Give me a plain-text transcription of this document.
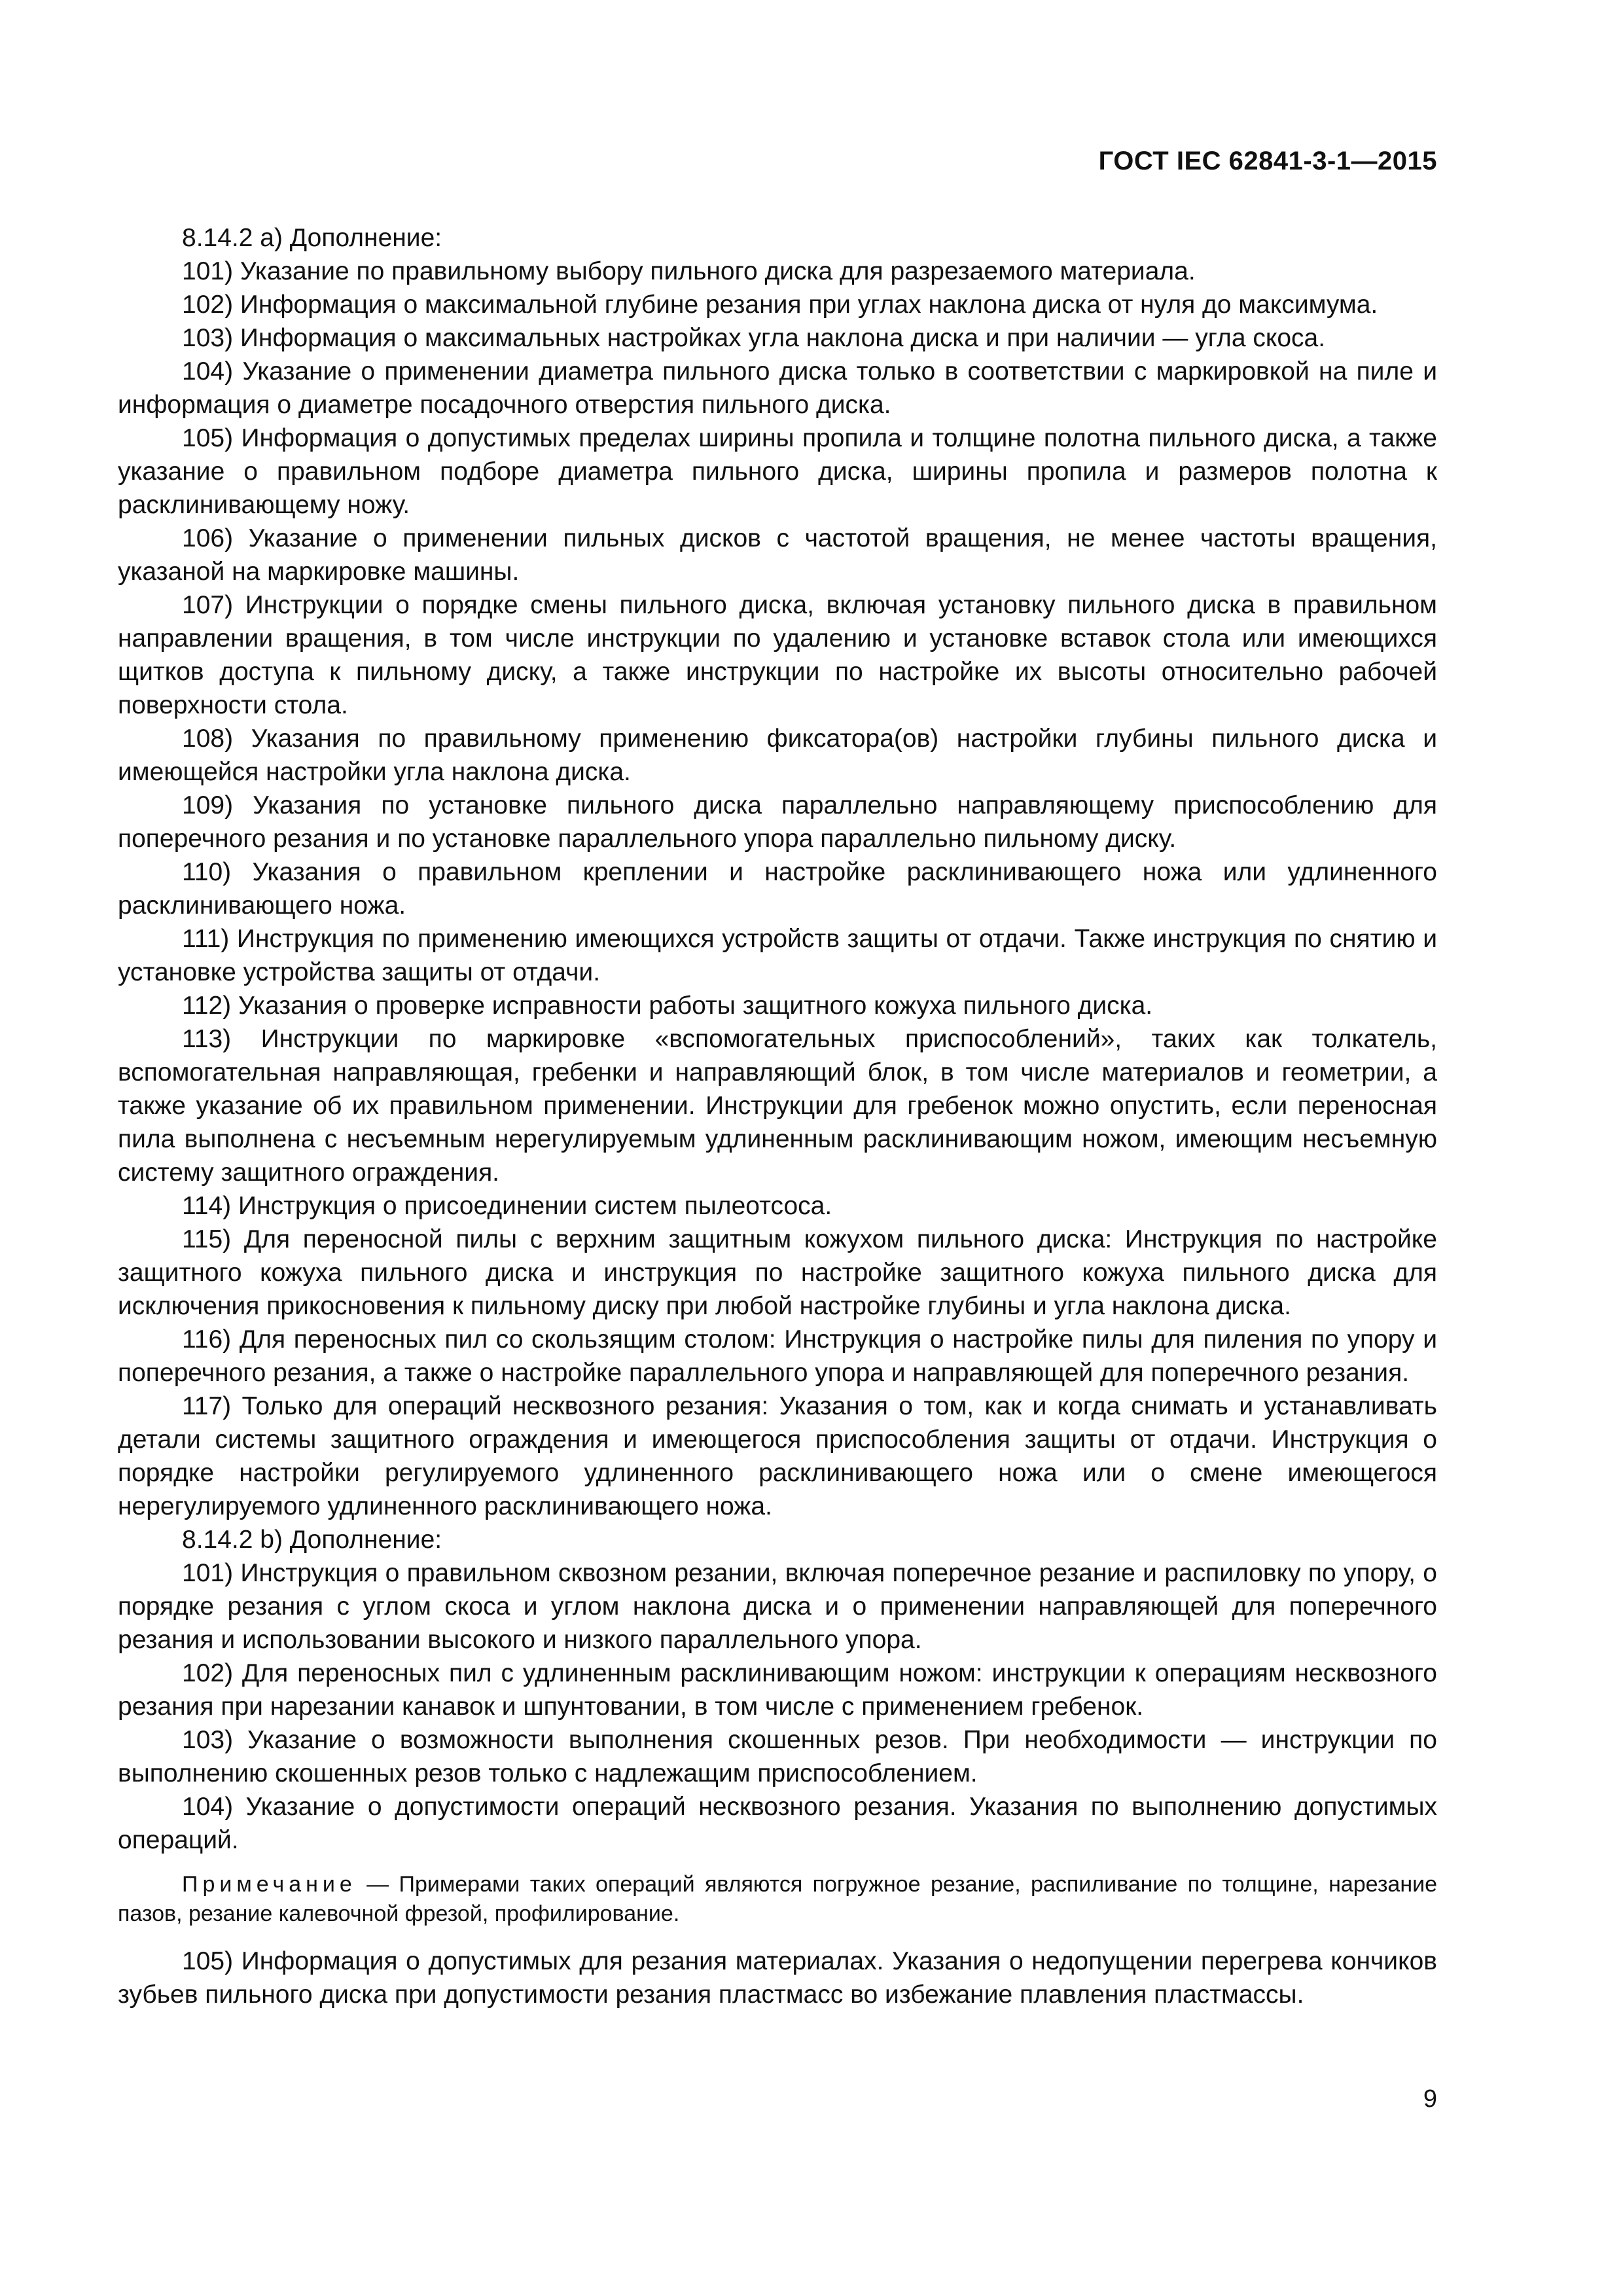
ГОСТ IEC 62841-3-1—2015

8.14.2 a) Дополнение:

101) Указание по правильному выбору пильного диска для разрезаемого материала.

102) Информация о максимальной глубине резания при углах наклона диска от нуля до максимума.

103) Информация о максимальных настройках угла наклона диска и при наличии — угла скоса.

104) Указание о применении диаметра пильного диска только в соответствии с маркировкой на пиле и информация о диаметре посадочного отверстия пильного диска.

105) Информация о допустимых пределах ширины пропила и толщине полотна пильного диска, а также указание о правильном подборе диаметра пильного диска, ширины пропила и размеров полотна к расклинивающему ножу.

106) Указание о применении пильных дисков с частотой вращения, не менее частоты вращения, указаной на маркировке машины.

107) Инструкции о порядке смены пильного диска, включая установку пильного диска в правильном направлении вращения, в том числе инструкции по удалению и установке вставок стола или имеющихся щитков доступа к пильному диску, а также инструкции по настройке их высоты относительно рабочей поверхности стола.

108) Указания по правильному применению фиксатора(ов) настройки глубины пильного диска и имеющейся настройки угла наклона диска.

109) Указания по установке пильного диска параллельно направляющему приспособлению для поперечного резания и по установке параллельного упора параллельно пильному диску.

110) Указания о правильном креплении и настройке расклинивающего ножа или удлиненного расклинивающего ножа.

111) Инструкция по применению имеющихся устройств защиты от отдачи. Также инструкция по снятию и установке устройства защиты от отдачи.

112) Указания о проверке исправности работы защитного кожуха пильного диска.

113) Инструкции по маркировке «вспомогательных приспособлений», таких как толкатель, вспомогательная направляющая, гребенки и направляющий блок, в том числе материалов и геометрии, а также указание об их правильном применении. Инструкции для гребенок можно опустить, если переносная пила выполнена с несъемным нерегулируемым удлиненным расклинивающим ножом, имеющим несъемную систему защитного ограждения.

114) Инструкция о присоединении систем пылеотсоса.

115) Для переносной пилы с верхним защитным кожухом пильного диска: Инструкция по настройке защитного кожуха пильного диска и инструкция по настройке защитного кожуха пильного диска для исключения прикосновения к пильному диску при любой настройке глубины и угла наклона диска.

116) Для переносных пил со скользящим столом: Инструкция о настройке пилы для пиления по упору и поперечного резания, а также о настройке параллельного упора и направляющей для поперечного резания.

117) Только для операций несквозного резания: Указания о том, как и когда снимать и устанавливать детали системы защитного ограждения и имеющегося приспособления защиты от отдачи. Инструкция о порядке настройки регулируемого удлиненного расклинивающего ножа или о смене имеющегося нерегулируемого удлиненного расклинивающего ножа.

8.14.2 b) Дополнение:

101) Инструкция о правильном сквозном резании, включая поперечное резание и распиловку по упору, о порядке резания с углом скоса и углом наклона диска и о применении направляющей для поперечного резания и использовании высокого и низкого параллельного упора.

102) Для переносных пил с удлиненным расклинивающим ножом: инструкции к операциям несквозного резания при нарезании канавок и шпунтовании, в том числе с применением гребенок.

103) Указание о возможности выполнения скошенных резов. При необходимости — инструкции по выполнению скошенных резов только с надлежащим приспособлением.

104) Указание о допустимости операций несквозного резания. Указания по выполнению допустимых операций.

Примечание — Примерами таких операций являются погружное резание, распиливание по толщине, нарезание пазов, резание калевочной фрезой, профилирование.

105) Информация о допустимых для резания материалах. Указания о недопущении перегрева кончиков зубьев пильного диска при допустимости резания пластмасс во избежание плавления пластмассы.

9
